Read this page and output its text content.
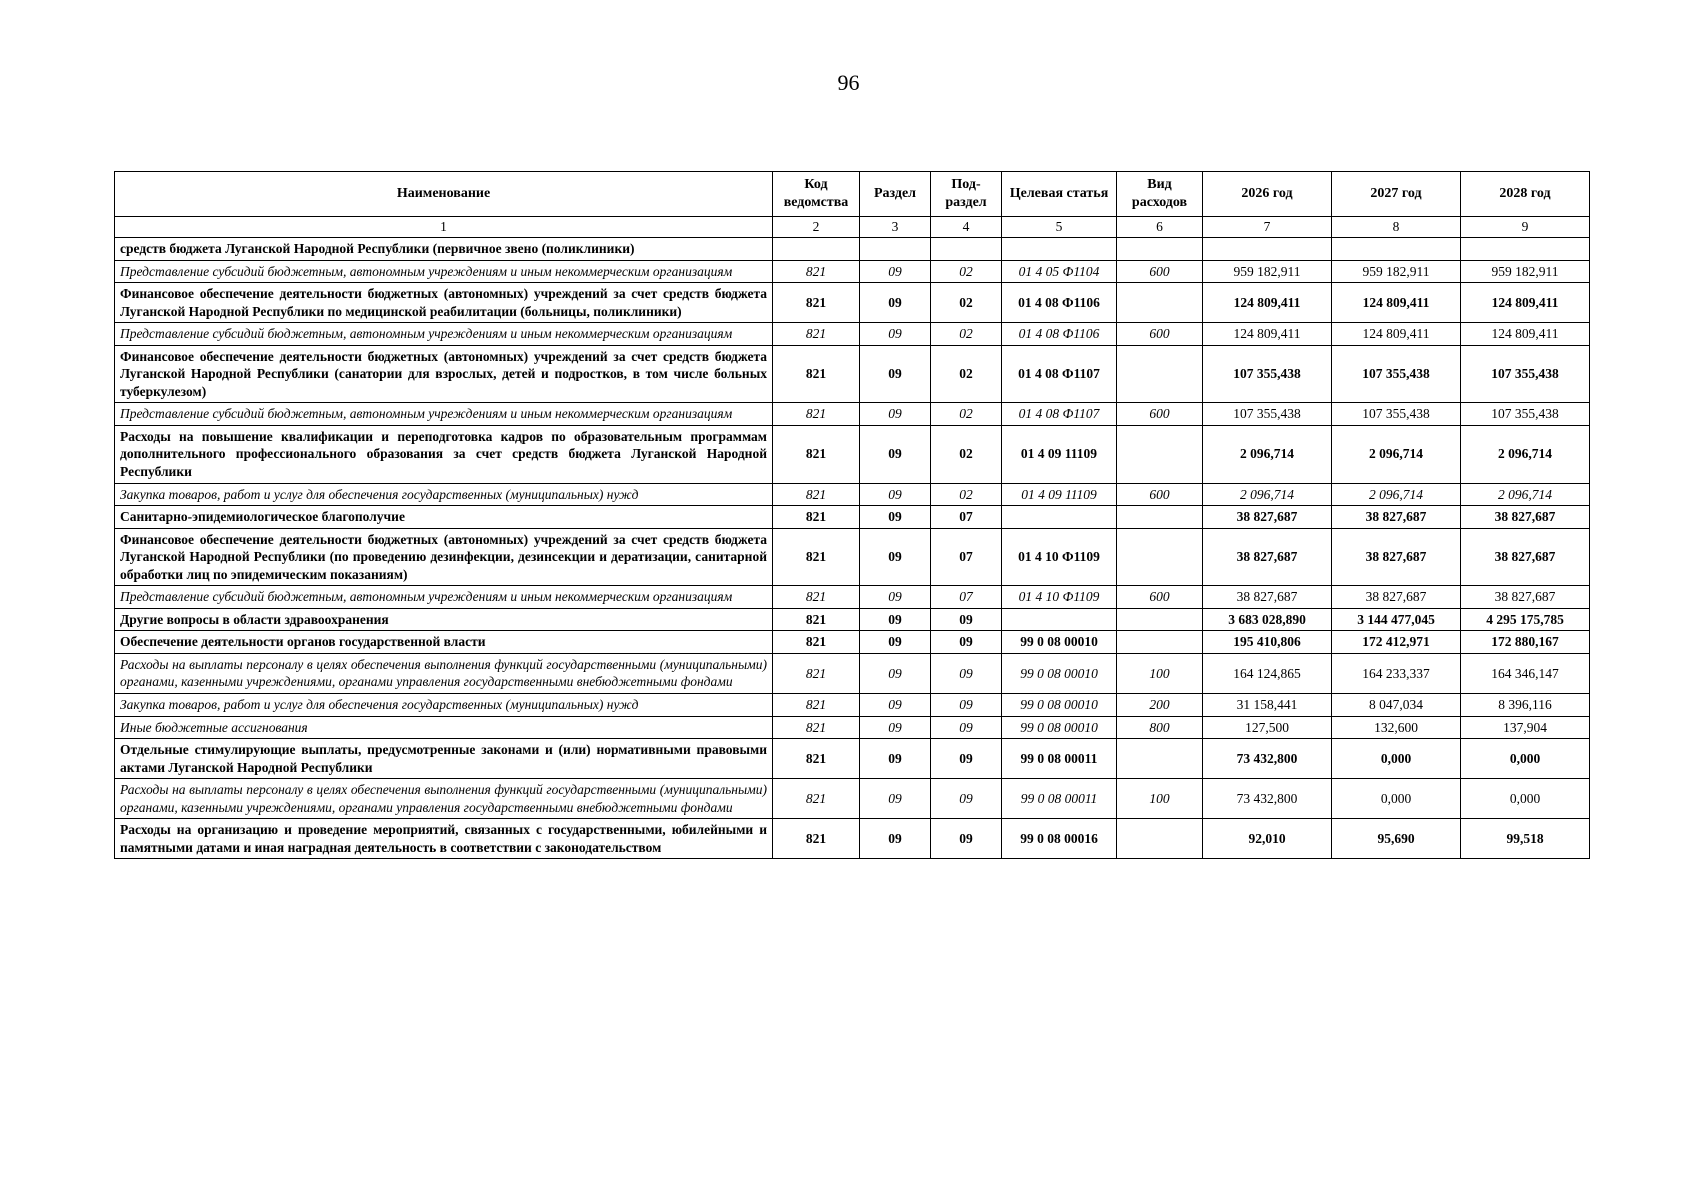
96
Наименование	Код ведомства	Раздел	Под-раздел	Целевая статья	Вид расходов	2026 год	2027 год	2028 год
1	2	3	4	5	6	7	8	9
средств бюджета Луганской Народной Республики (первичное звено (поликлиники)								
Представление субсидий бюджетным, автономным учреждениям и иным некоммерческим организациям	821	09	02	01 4 05 Ф1104	600	959 182,911	959 182,911	959 182,911
Финансовое обеспечение деятельности бюджетных (автономных) учреждений за счет средств бюджета Луганской Народной Республики по медицинской реабилитации (больницы, поликлиники)	821	09	02	01 4 08 Ф1106		124 809,411	124 809,411	124 809,411
Представление субсидий бюджетным, автономным учреждениям и иным некоммерческим организациям	821	09	02	01 4 08 Ф1106	600	124 809,411	124 809,411	124 809,411
Финансовое обеспечение деятельности бюджетных (автономных) учреждений за счет средств бюджета Луганской Народной Республики (санатории для взрослых, детей и подростков, в том числе больных туберкулезом)	821	09	02	01 4 08 Ф1107		107 355,438	107 355,438	107 355,438
Представление субсидий бюджетным, автономным учреждениям и иным некоммерческим организациям	821	09	02	01 4 08 Ф1107	600	107 355,438	107 355,438	107 355,438
Расходы на повышение квалификации и переподготовка кадров по образовательным программам дополнительного профессионального образования за счет средств бюджета Луганской Народной Республики	821	09	02	01 4 09 11109		2 096,714	2 096,714	2 096,714
Закупка товаров, работ и услуг для обеспечения государственных (муниципальных) нужд	821	09	02	01 4 09 11109	600	2 096,714	2 096,714	2 096,714
Санитарно-эпидемиологическое благополучие	821	09	07			38 827,687	38 827,687	38 827,687
Финансовое обеспечение деятельности бюджетных (автономных) учреждений за счет средств бюджета Луганской Народной Республики (по проведению дезинфекции, дезинсекции и дератизации, санитарной обработки лиц по эпидемическим показаниям)	821	09	07	01 4 10 Ф1109		38 827,687	38 827,687	38 827,687
Представление субсидий бюджетным, автономным учреждениям и иным некоммерческим организациям	821	09	07	01 4 10 Ф1109	600	38 827,687	38 827,687	38 827,687
Другие вопросы в области здравоохранения	821	09	09			3 683 028,890	3 144 477,045	4 295 175,785
Обеспечение деятельности органов государственной власти	821	09	09	99 0 08 00010		195 410,806	172 412,971	172 880,167
Расходы на выплаты персоналу в целях обеспечения выполнения функций государственными (муниципальными) органами, казенными учреждениями, органами управления государственными внебюджетными фондами	821	09	09	99 0 08 00010	100	164 124,865	164 233,337	164 346,147
Закупка товаров, работ и услуг для обеспечения государственных (муниципальных) нужд	821	09	09	99 0 08 00010	200	31 158,441	8 047,034	8 396,116
Иные бюджетные ассигнования	821	09	09	99 0 08 00010	800	127,500	132,600	137,904
Отдельные стимулирующие выплаты, предусмотренные законами и (или) нормативными правовыми актами Луганской Народной Республики	821	09	09	99 0 08 00011		73 432,800	0,000	0,000
Расходы на выплаты персоналу в целях обеспечения выполнения функций государственными (муниципальными) органами, казенными учреждениями, органами управления государственными внебюджетными фондами	821	09	09	99 0 08 00011	100	73 432,800	0,000	0,000
Расходы на организацию и проведение мероприятий, связанных с государственными, юбилейными и памятными датами и иная наградная деятельность в соответствии с законодательством	821	09	09	99 0 08 00016		92,010	95,690	99,518
